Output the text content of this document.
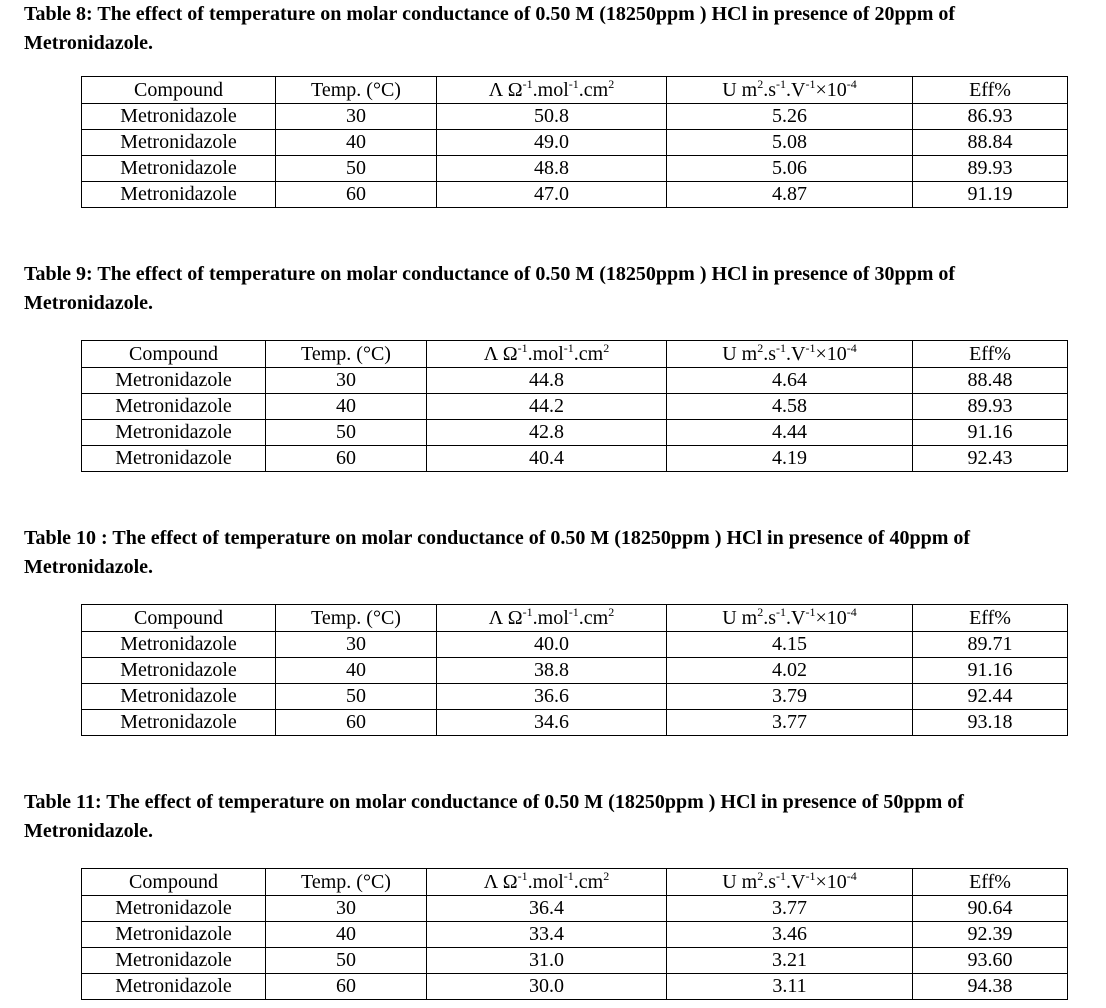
Table 8: The effect of temperature on molar conductance of 0.50 M (18250ppm ) HCl in presence of 20ppm of Metronidazole.

Compound	Temp. (°C)	Λ $\Omega^{-1}.mol^{-1}.cm^2$	U $m^2.s^{-1}.V^{-1}\times 10^{-4}$	Eff%
Metronidazole	30	50.8	5.26	86.93
Metronidazole	40	49.0	5.08	88.84
Metronidazole	50	48.8	5.06	89.93
Metronidazole	60	47.0	4.87	91.19

Table 9: The effect of temperature on molar conductance of 0.50 M (18250ppm ) HCl in presence of 30ppm of Metronidazole.

Compound	Temp. (°C)	Λ $\Omega^{-1}.mol^{-1}.cm^2$	U $m^2.s^{-1}.V^{-1}\times 10^{-4}$	Eff%
Metronidazole	30	44.8	4.64	88.48
Metronidazole	40	44.2	4.58	89.93
Metronidazole	50	42.8	4.44	91.16
Metronidazole	60	40.4	4.19	92.43

Table 10 : The effect of temperature on molar conductance of 0.50 M (18250ppm ) HCl in presence of 40ppm of Metronidazole.

Compound	Temp. (°C)	Λ $\Omega^{-1}.mol^{-1}.cm^2$	U $m^2.s^{-1}.V^{-1}\times 10^{-4}$	Eff%
Metronidazole	30	40.0	4.15	89.71
Metronidazole	40	38.8	4.02	91.16
Metronidazole	50	36.6	3.79	92.44
Metronidazole	60	34.6	3.77	93.18

Table 11: The effect of temperature on molar conductance of 0.50 M (18250ppm ) HCl in presence of 50ppm of Metronidazole.

Compound	Temp. (°C)	Λ $\Omega^{-1}.mol^{-1}.cm^2$	U $m^2.s^{-1}.V^{-1}\times 10^{-4}$	Eff%
Metronidazole	30	36.4	3.77	90.64
Metronidazole	40	33.4	3.46	92.39
Metronidazole	50	31.0	3.21	93.60
Metronidazole	60	30.0	3.11	94.38
